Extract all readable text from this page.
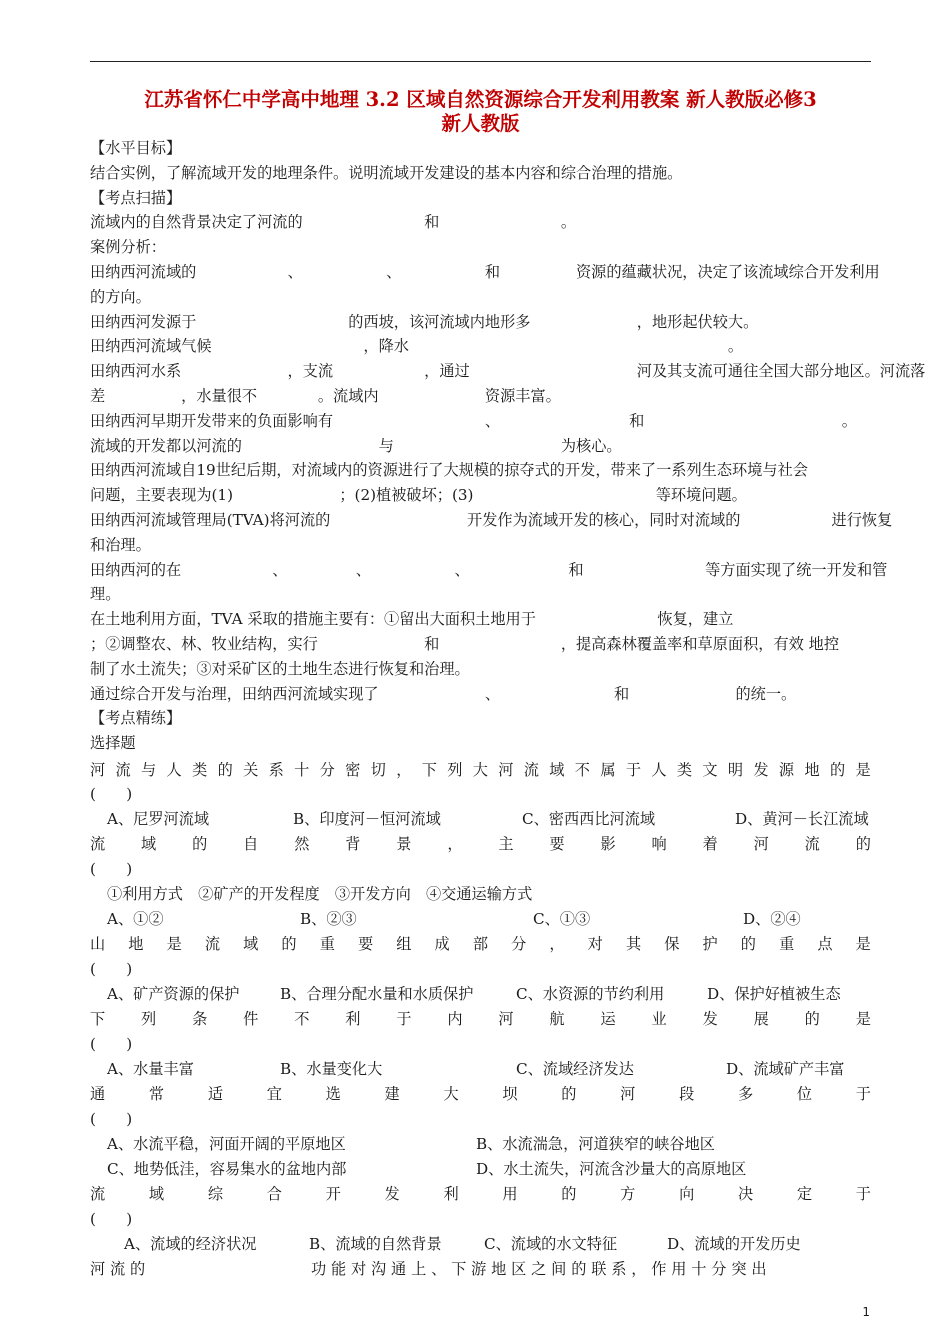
江苏省怀仁中学高中地理 3.2 区域自然资源综合开发利用教案 新人教版必修3
新人教版
【水平目标】
结合实例，了解流域开发的地理条件。说明流域开发建设的基本内容和综合治理的措施。
【考点扫描】
流域内的自然背景决定了河流的　　　　　　　　和　　　　　　　　。
案例分析：
田纳西河流域的　　　　　　、　　　　　　、　　　　　　和　　　　　资源的蕴藏状况，决定了该流域综合开发利用
的方向。
田纳西河发源于　　　　　　　　　　的西坡，该河流域内地形多　　　　　　　，地形起伏较大。
田纳西河流域气候　　　　　　　　　　，降水　　　　　　　　　　　　　　　　　　　　　。
田纳西河水系　　　　　　　，支流　　　　　　，通过　　　　　　　　　　　河及其支流可通往全国大部分地区。河流落
差　　　　　，水量很不　　　　。流域内　　　　　　　资源丰富。
田纳西河早期开发带来的负面影响有　　　　　　　　　　、　　　　　　　　　和　　　　　　　　　　　　　。
流域的开发都以河流的　　　　　　　　　与　　　　　　　　　　　为核心。
田纳西河流域自19世纪后期，对流域内的资源进行了大规模的掠夺式的开发，带来了一系列生态环境与社会
问题，主要表现为(1)　　　　　　　；(2)植被破坏；(3)　　　　　　　　　　　　等环境问题。
田纳西河流域管理局(TVA)将河流的　　　　　　　　　开发作为流域开发的核心，同时对流域的　　　　　　进行恢复
和治理。
田纳西河的在　　　　　　、　　　　　、　　　　　　、　　　　　　　和　　　　　　　　等方面实现了统一开发和管
理。
在土地利用方面，TVA 采取的措施主要有：①留出大面积土地用于　　　　　　　　恢复，建立
；②调整农、林、牧业结构，实行　　　　　　　和　　　　　　　　，提高森林覆盖率和草原面积，有效 地控
制了水土流失；③对采矿区的土地生态进行恢复和治理。
通过综合开发与治理，田纳西河流域实现了　　　　　　　、　　　　　　　　和　　　　　　　的统一。
【考点精练】
选择题
河 流 与 人 类 的 关 系 十 分 密 切 ， 下 列 大 河 流 域 不 属 于 人 类 文 明 发 源 地 的 是
(　　)
A、尼罗河流域	B、印度河－恒河流域	C、密西西比河流域	D、黄河－长江流域
流 域 的 自 然 背 景 ， 主 要 影 响 着 河 流 的
(　　)
①利用方式　②矿产的开发程度　③开发方向　④交通运输方式
A、①②	B、②③	C、①③	D、②④
山 地 是 流 域 的 重 要 组 成 部 分 ， 对 其 保 护 的 重 点 是
(　　)
A、矿产资源的保护	B、合理分配水量和水质保护	C、水资源的节约利用	D、保护好植被生态
下 列 条 件 不 利 于 内 河 航 运 业 发 展 的 是
(　　)
A、水量丰富	B、水量变化大	C、流域经济发达	D、流域矿产丰富
通	常	适	宜	选	建	大	坝	的	河	段	多	位	于
(　　)
A、水流平稳，河面开阔的平原地区	B、水流湍急，河道狭窄的峡谷地区
C、地势低洼，容易集水的盆地内部	D、水土流失，河流含沙量大的高原地区
流	域	综	合	开	发	利	用	的	方	向	决	定	于
(　　)
A、流域的经济状况	B、流域的自然背景	C、流域的水文特征	D、流域的开发历史
河 流 的	功 能 对 沟 通 上 、 下 游 地 区 之 间 的 联 系 ， 作 用 十 分 突 出
1
